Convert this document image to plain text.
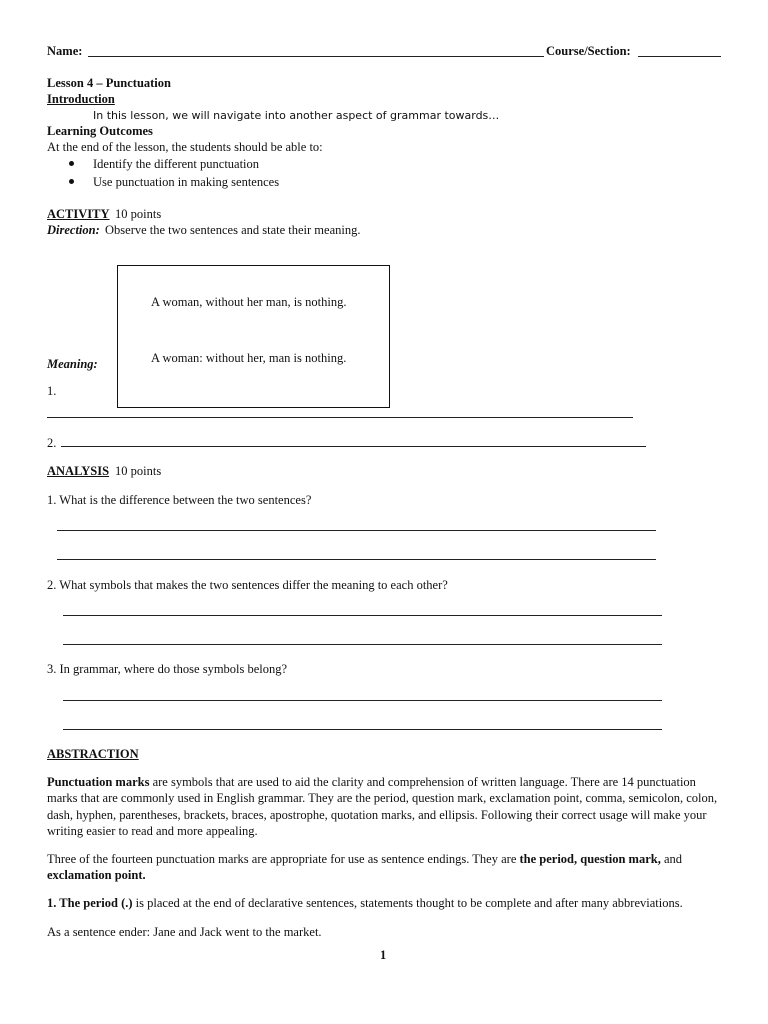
Name:	Course/Section:
Lesson 4 – Punctuation
Introduction
In this lesson, we will navigate into another aspect of grammar towards…
Learning Outcomes
At the end of the lesson, the students should be able to:
Identify the different punctuation
Use punctuation in making sentences
ACTIVITY 10 points
Direction: Observe the two sentences and state their meaning.
A woman, without her man, is nothing.
A woman: without her, man is nothing.
Meaning:
1.
2.
ANALYSIS 10 points
1. What is the difference between the two sentences?
2. What symbols that makes the two sentences differ the meaning to each other?
3. In grammar, where do those symbols belong?
ABSTRACTION
Punctuation marks are symbols that are used to aid the clarity and comprehension of written language. There are 14 punctuation marks that are commonly used in English grammar. They are the period, question mark, exclamation point, comma, semicolon, colon, dash, hyphen, parentheses, brackets, braces, apostrophe, quotation marks, and ellipsis. Following their correct usage will make your writing easier to read and more appealing.
Three of the fourteen punctuation marks are appropriate for use as sentence endings. They are the period, question mark, and exclamation point.
1. The period (.) is placed at the end of declarative sentences, statements thought to be complete and after many abbreviations.
As a sentence ender: Jane and Jack went to the market.
1
